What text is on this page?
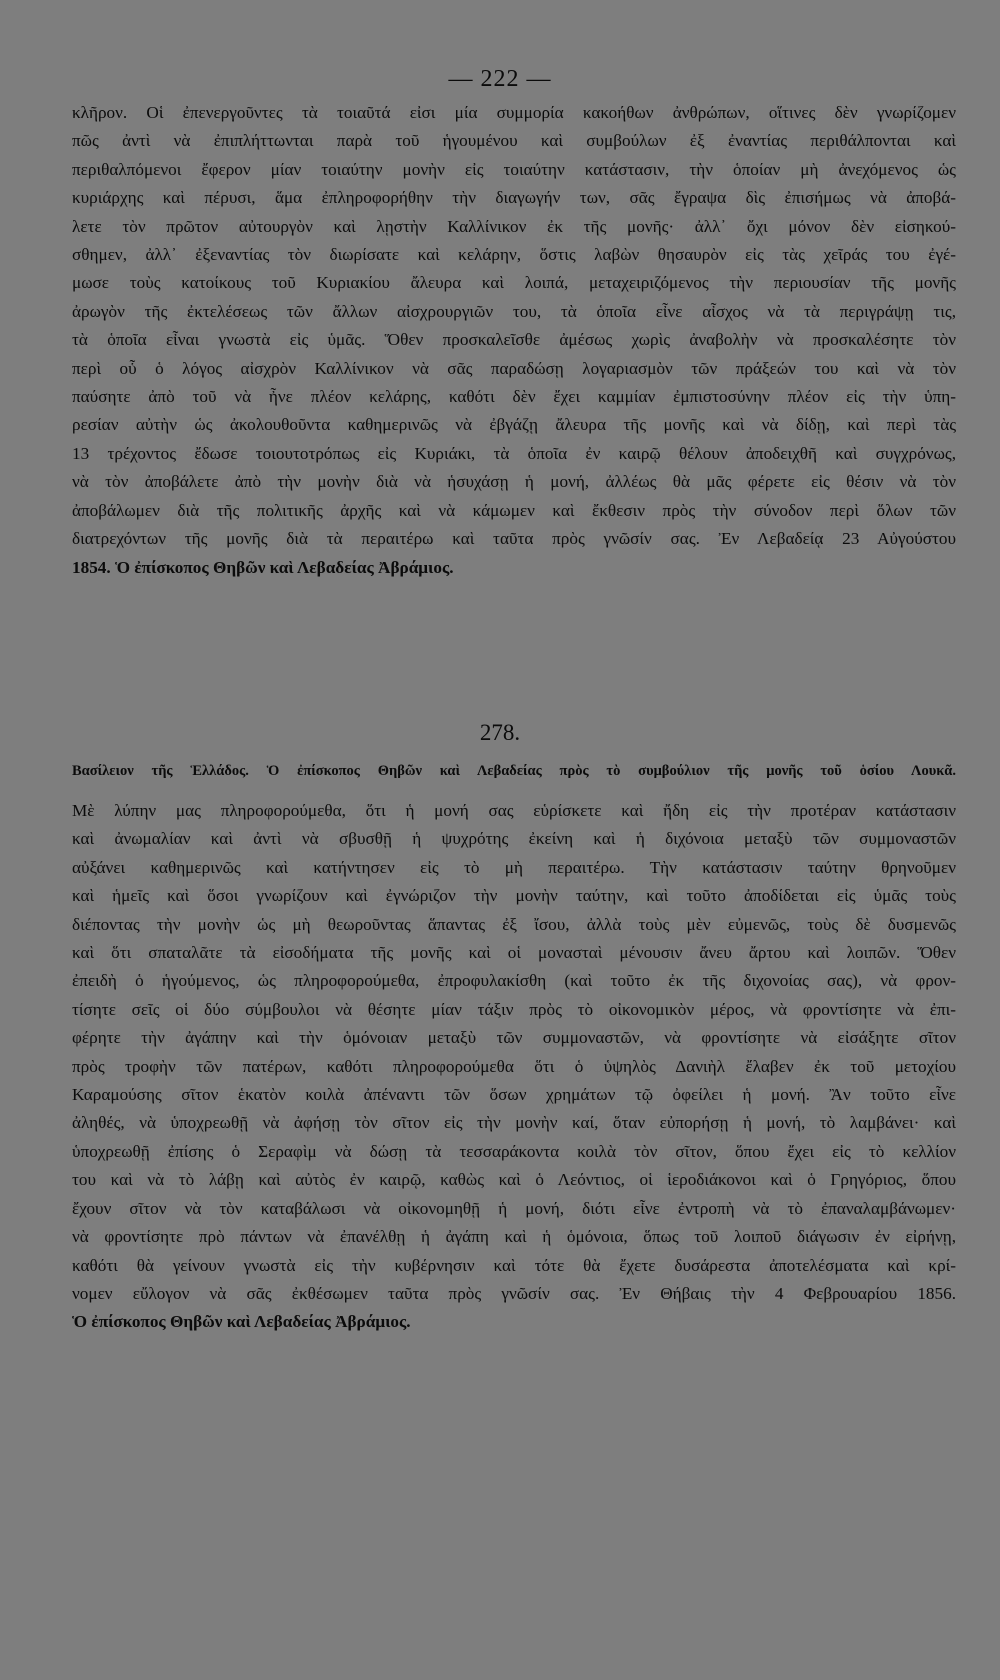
— 222 —
κλῆρον. Οἱ ἐπενεργοῦντες τὰ τοιαῦτά εἰσι μία συμμορία κακοήθων ἀνθρώπων, οἵτινες δὲν γνωρίζομεν
πῶς ἀντὶ νὰ ἐπιπλήττωνται παρὰ τοῦ ἡγουμένου καὶ συμβούλων ἐξ ἐναντίας περιθάλπονται καὶ
περιθαλπόμενοι ἔφερον μίαν τοιαύτην μονὴν εἰς τοιαύτην κατάστασιν, τὴν ὁποίαν μὴ ἀνεχόμενος ὡς
κυριάρχης καὶ πέρυσι, ἅμα ἐπληροφορήθην τὴν διαγωγήν των, σᾶς ἔγραψα δὶς ἐπισήμως νὰ ἀποβά-
λετε τὸν πρῶτον αὐτουργὸν καὶ λῃστὴν Καλλίνικον ἐκ τῆς μονῆς· ἀλλ᾽ ὄχι μόνον δὲν εἰσηκού-
σθημεν, ἀλλ᾽ ἐξεναντίας τὸν διωρίσατε καὶ κελάρην, ὅστις λαβὼν θησαυρὸν εἰς τὰς χεῖράς του ἐγέ-
μωσε τοὺς κατοίκους τοῦ Κυριακίου ἄλευρα καὶ λοιπά, μεταχειριζόμενος τὴν περιουσίαν τῆς μονῆς
ἀρωγὸν τῆς ἐκτελέσεως τῶν ἄλλων αἰσχρουργιῶν του, τὰ ὁποῖα εἶνε αἶσχος νὰ τὰ περιγράψῃ τις,
τὰ ὁποῖα εἶναι γνωστὰ εἰς ὑμᾶς. Ὅθεν προσκαλεῖσθε ἀμέσως χωρὶς ἀναβολὴν νὰ προσκαλέσητε τὸν
περὶ οὗ ὁ λόγος αἰσχρὸν Καλλίνικον νὰ σᾶς παραδώσῃ λογαριασμὸν τῶν πράξεών του καὶ νὰ τὸν
παύσητε ἀπὸ τοῦ νὰ ἦνε πλέον κελάρης, καθότι δὲν ἔχει καμμίαν ἐμπιστοσύνην πλέον εἰς τὴν ὑπη-
ρεσίαν αὐτὴν ὡς ἀκολουθοῦντα καθημερινῶς νὰ ἐβγάζῃ ἄλευρα τῆς μονῆς καὶ νὰ δίδῃ, καὶ περὶ τὰς
13 τρέχοντος ἔδωσε τοιουτοτρόπως εἰς Κυριάκι, τὰ ὁποῖα ἐν καιρῷ θέλουν ἀποδειχθῆ καὶ συγχρόνως,
νὰ τὸν ἀποβάλετε ἀπὸ τὴν μονὴν διὰ νὰ ἡσυχάσῃ ἡ μονή, ἀλλέως θὰ μᾶς φέρετε εἰς θέσιν νὰ τὸν
ἀποβάλωμεν διὰ τῆς πολιτικῆς ἀρχῆς καὶ νὰ κάμωμεν καὶ ἔκθεσιν πρὸς τὴν σύνοδον περὶ ὅλων τῶν
διατρεχόντων τῆς μονῆς διὰ τὰ περαιτέρω καὶ ταῦτα πρὸς γνῶσίν σας. Ἐν Λεβαδείᾳ 23 Αὐγούστου
1854. Ὁ ἐπίσκοπος Θηβῶν καὶ Λεβαδείας Ἀβράμιος.
278.
Βασίλειον τῆς Ἑλλάδος. Ὁ ἐπίσκοπος Θηβῶν καὶ Λεβαδείας πρὸς τὸ συμβούλιον τῆς μονῆς τοῦ ὁσίου Λουκᾶ.
Μὲ λύπην μας πληροφορούμεθα, ὅτι ἡ μονή σας εὑρίσκετε καὶ ἤδη εἰς τὴν προτέραν κατάστασιν
καὶ ἀνωμαλίαν καὶ ἀντὶ νὰ σβυσθῇ ἡ ψυχρότης ἐκείνη καὶ ἡ διχόνοια μεταξὺ τῶν συμμοναστῶν
αὐξάνει καθημερινῶς καὶ κατήντησεν εἰς τὸ μὴ περαιτέρω. Τὴν κατάστασιν ταύτην θρηνοῦμεν
καὶ ἡμεῖς καὶ ὅσοι γνωρίζουν καὶ ἐγνώριζον τὴν μονὴν ταύτην, καὶ τοῦτο ἀποδίδεται εἰς ὑμᾶς τοὺς
διέποντας τὴν μονὴν ὡς μὴ θεωροῦντας ἅπαντας ἐξ ἴσου, ἀλλὰ τοὺς μὲν εὐμενῶς, τοὺς δὲ δυσμενῶς
καὶ ὅτι σπαταλᾶτε τὰ εἰσοδήματα τῆς μονῆς καὶ οἱ μονασταὶ μένουσιν ἄνευ ἄρτου καὶ λοιπῶν. Ὅθεν
ἐπειδὴ ὁ ἡγούμενος, ὡς πληροφορούμεθα, ἐπροφυλακίσθη (καὶ τοῦτο ἐκ τῆς διχονοίας σας), νὰ φρον-
τίσητε σεῖς οἱ δύο σύμβουλοι νὰ θέσητε μίαν τάξιν πρὸς τὸ οἰκονομικὸν μέρος, νὰ φροντίσητε νὰ ἐπι-
φέρητε τὴν ἀγάπην καὶ τὴν ὁμόνοιαν μεταξὺ τῶν συμμοναστῶν, νὰ φροντίσητε νὰ εἰσάξητε σῖτον
πρὸς τροφὴν τῶν πατέρων, καθότι πληροφορούμεθα ὅτι ὁ ὑψηλὸς Δανιὴλ ἔλαβεν ἐκ τοῦ μετοχίου
Καραμούσης σῖτον ἑκατὸν κοιλὰ ἀπέναντι τῶν ὅσων χρημάτων τῷ ὀφείλει ἡ μονή. Ἂν τοῦτο εἶνε
ἀληθές, νὰ ὑποχρεωθῇ νὰ ἀφήσῃ τὸν σῖτον εἰς τὴν μονὴν καί, ὅταν εὐπορήσῃ ἡ μονή, τὸ λαμβάνει· καὶ
ὑποχρεωθῇ ἐπίσης ὁ Σεραφὶμ νὰ δώσῃ τὰ τεσσαράκοντα κοιλὰ τὸν σῖτον, ὅπου ἔχει εἰς τὸ κελλίον
του καὶ νὰ τὸ λάβῃ καὶ αὐτὸς ἐν καιρῷ, καθὼς καὶ ὁ Λεόντιος, οἱ ἱεροδιάκονοι καὶ ὁ Γρηγόριος, ὅπου
ἔχουν σῖτον νὰ τὸν καταβάλωσι νὰ οἰκονομηθῇ ἡ μονή, διότι εἶνε ἐντροπὴ νὰ τὸ ἐπαναλαμβάνωμεν·
νὰ φροντίσητε πρὸ πάντων νὰ ἐπανέλθῃ ἡ ἀγάπη καὶ ἡ ὁμόνοια, ὅπως τοῦ λοιποῦ διάγωσιν ἐν εἰρήνῃ,
καθότι θὰ γείνουν γνωστὰ εἰς τὴν κυβέρνησιν καὶ τότε θὰ ἔχετε δυσάρεστα ἀποτελέσματα καὶ κρί-
νομεν εὔλογον νὰ σᾶς ἐκθέσωμεν ταῦτα πρὸς γνῶσίν σας. Ἐν Θήβαις τὴν 4 Φεβρουαρίου 1856.
Ὁ ἐπίσκοπος Θηβῶν καὶ Λεβαδείας Ἀβράμιος.
